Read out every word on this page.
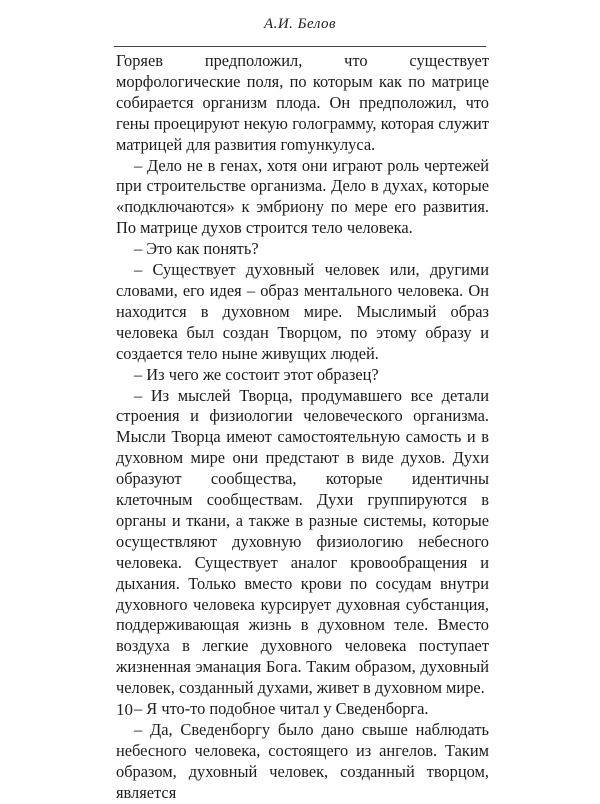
А.И. Белов

Горяев предположил, что существует морфологические поля, по которым как по матрице собирается организм плода. Он предположил, что гены проецируют некую голограмму, которая служит матрицей для развития гоmункулуса.

– Дело не в генах, хотя они играют роль чертежей при строительстве организма. Дело в духах, которые «подключаются» к эмбриону по мере его развития. По матрице духов строится тело человека.

– Это как понять?

– Существует духовный человек или, другими словами, его идея – образ ментального человека. Он находится в духовном мире. Мыслимый образ человека был создан Творцом, по этому образу и создается тело ныне живущих людей.

– Из чего же состоит этот образец?

– Из мыслей Творца, продумавшего все детали строения и физиологии человеческого организма. Мысли Творца имеют самостоятельную самость и в духовном мире они предстают в виде духов. Духи образуют сообщества, которые идентичны клеточным сообществам. Духи группируются в органы и ткани, а также в разные системы, которые осуществляют духовную физиологию небесного человека. Существует аналог кровообращения и дыхания. Только вместо крови по сосудам внутри духовного человека курсирует духовная субстанция, поддерживающая жизнь в духовном теле. Вместо воздуха в легкие духовного человека поступает жизненная эманация Бога. Таким образом, духовный человек, созданный духами, живет в духовном мире.

– Я что-то подобное читал у Сведенборга.

– Да, Сведенборгу было дано свыше наблюдать небесного человека, состоящего из ангелов. Таким образом, духовный человек, созданный творцом, является

10
